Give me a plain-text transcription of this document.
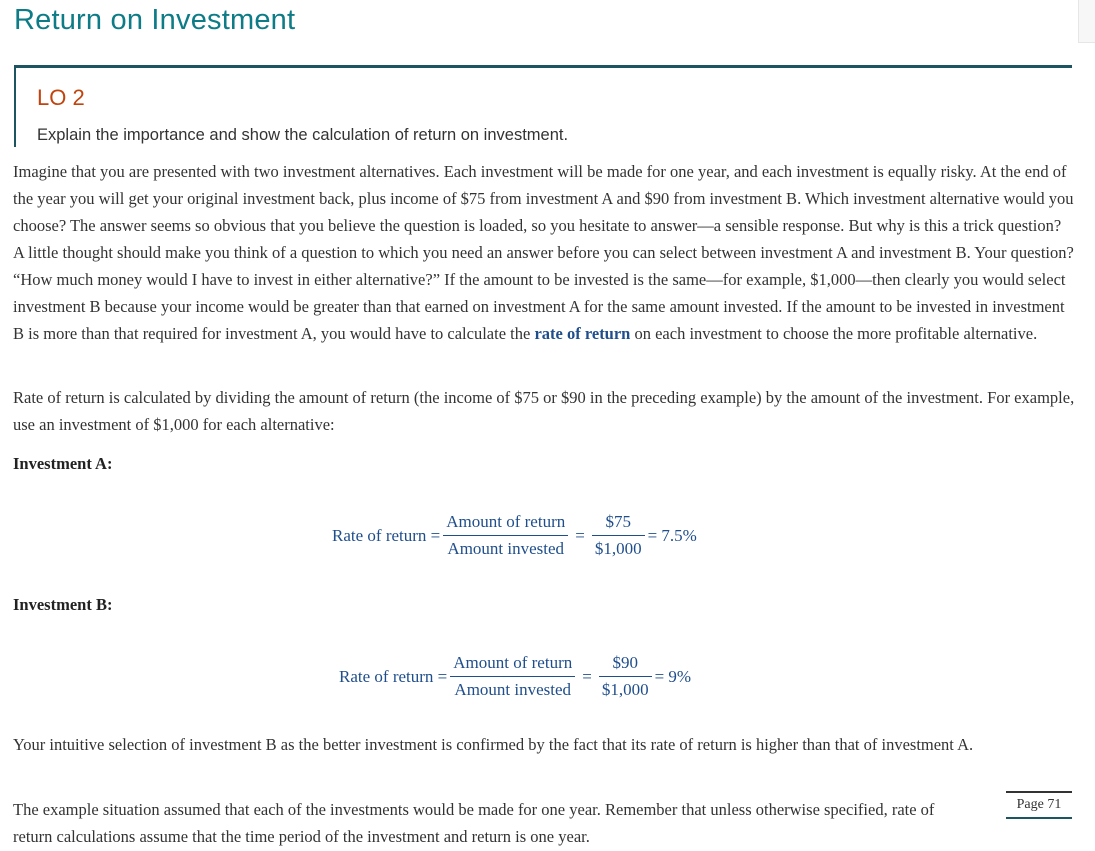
Return on Investment
LO 2
Explain the importance and show the calculation of return on investment.

Imagine that you are presented with two investment alternatives. Each investment will be made for one year, and each investment is equally risky. At the end of the year you will get your original investment back, plus income of $75 from investment A and $90 from investment B. Which investment alternative would you choose? The answer seems so obvious that you believe the question is loaded, so you hesitate to answer—a sensible response. But why is this a trick question? A little thought should make you think of a question to which you need an answer before you can select between investment A and investment B. Your question? “How much money would I have to invest in either alternative?” If the amount to be invested is the same—for example, $1,000—then clearly you would select investment B because your income would be greater than that earned on investment A for the same amount invested. If the amount to be invested in investment B is more than that required for investment A, you would have to calculate the rate of return on each investment to choose the more profitable alternative.

Rate of return is calculated by dividing the amount of return (the income of $75 or $90 in the preceding example) by the amount of the investment. For example, use an investment of $1,000 for each alternative:

Investment A:

Rate of return = $\frac{\text{Amount of return}}{\text{Amount invested}} = \frac{\$75}{\$1,000} = 7.5\%$

Investment B:

Rate of return = $\frac{\text{Amount of return}}{\text{Amount invested}} = \frac{\$90}{\$1,000} = 9\%$

Your intuitive selection of investment B as the better investment is confirmed by the fact that its rate of return is higher than that of investment A.

The example situation assumed that each of the investments would be made for one year. Remember that unless otherwise specified, rate of return calculations assume that the time period of the investment and return is one year.

Page 71
